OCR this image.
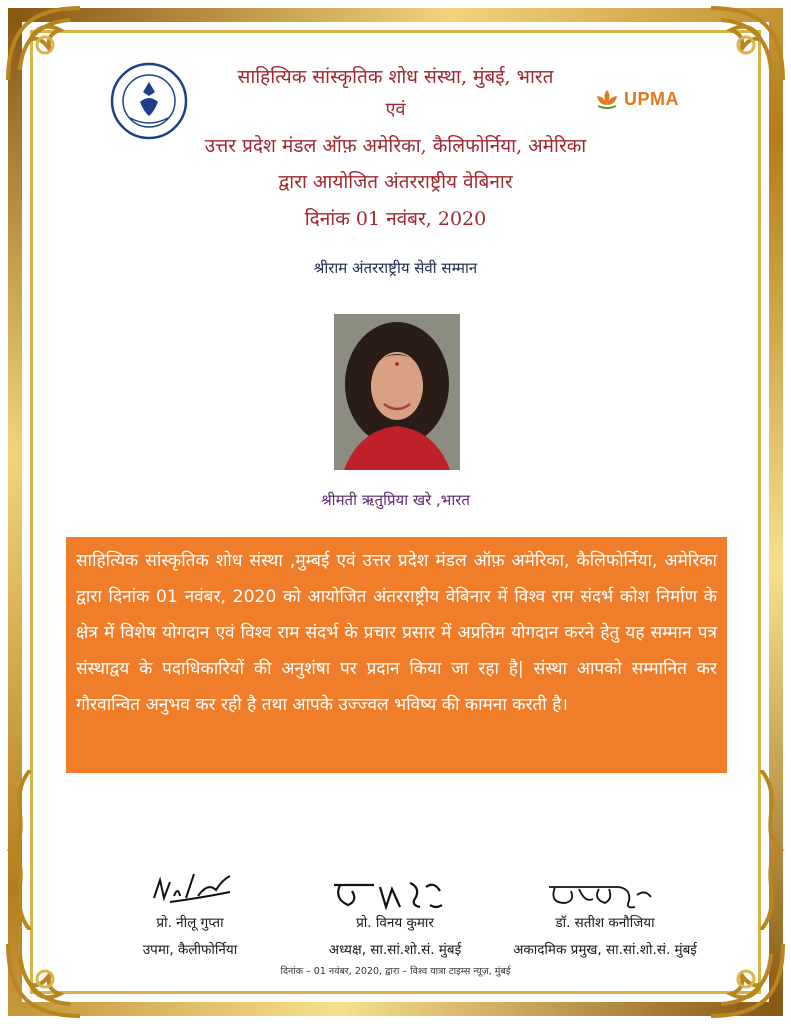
UPMA
साहित्यिक सांस्कृतिक शोध संस्था, मुंबई, भारत
एवं
उत्तर प्रदेश मंडल ऑफ़ अमेरिका, कैलिफोर्निया, अमेरिका
द्वारा आयोजित अंतरराष्ट्रीय वेबिनार
दिनांक 01 नवंबर, 2020
श्रीराम अंतरराष्ट्रीय सेवी सम्मान
श्रीमती ऋतुप्रिया खरे ,भारत
साहित्यिक सांस्कृतिक शोध संस्था ,मुम्बई एवं उत्तर प्रदेश मंडल ऑफ़ अमेरिका, कैलिफोर्निया, अमेरिका द्वारा दिनांक 01 नवंबर, 2020 को आयोजित अंतरराष्ट्रीय वेबिनार में विश्व राम संदर्भ कोश निर्माण के क्षेत्र में विशेष योगदान एवं विश्व राम संदर्भ के प्रचार प्रसार में अप्रतिम योगदान करने हेतु यह सम्मान पत्र संस्थाद्वय के पदाधिकारियों की अनुशंषा पर प्रदान किया जा रहा है| संस्था आपको सम्मानित कर गौरवान्वित अनुभव कर रही है तथा आपके उज्ज्वल भविष्य की कामना करती है।
प्रो. नीलू गुप्ता
उपमा, कैलीफोर्निया
प्रो. विनय कुमार
अध्यक्ष, सा.सां.शो.सं. मुंबई
डॉ. सतीश कनौजिया
अकादमिक प्रमुख, सा.सां.शो.सं. मुंबई
दिनांक – 01 नवंबर, 2020, द्वारा – विश्व यात्रा टाइम्स न्यूज़, मुंबई
